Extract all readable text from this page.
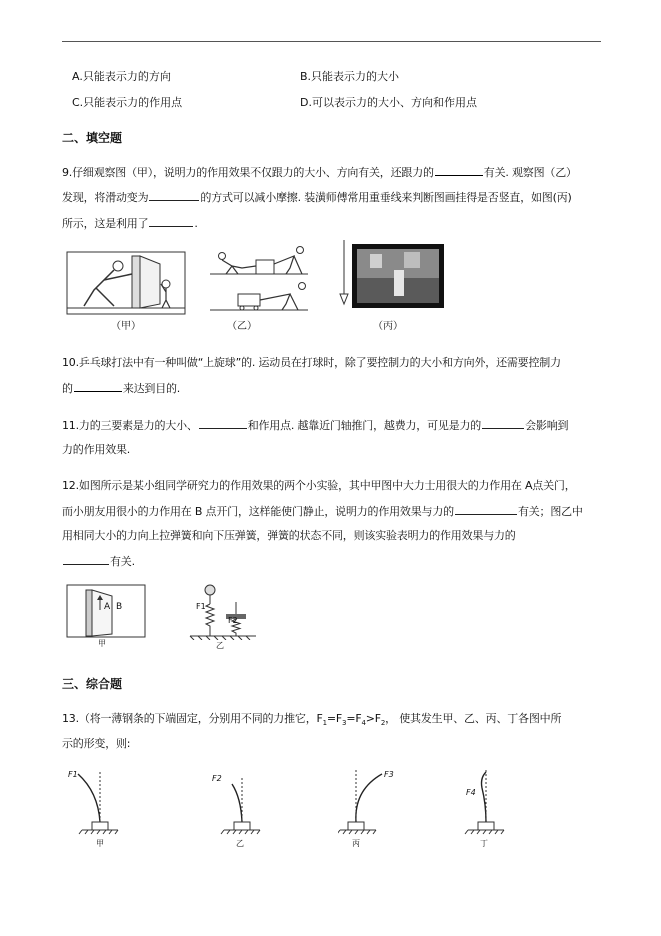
A.只能表示力的方向	B.只能表示力的大小
C.只能表示力的作用点	D.可以表示力的大小、方向和作用点
二、填空题
9.仔细观察图（甲），说明力的作用效果不仅跟力的大小、方向有关，还跟力的	有关. 观察图（乙）
发现，将滑动变为	的方式可以减小摩擦. 装潢师傅常用重垂线来判断图画挂得是否竖直，如图(丙)
所示，这是利用了	.
（甲）	（乙）	（丙）
10.乒乓球打法中有一种叫做“上旋球”的. 运动员在打球时，除了要控制力的大小和方向外，还需要控制力
的	来达到目的.
11.力的三要素是力的大小、	和作用点. 越靠近门轴推门，越费力，可见是力的	会影响到
力的作用效果.
12.如图所示是某小组同学研究力的作用效果的两个小实验，其中甲图中大力士用很大的力作用在 A点关门，
而小朋友用很小的力作用在 B 点开门，这样能使门静止，说明力的作用效果与力的	有关；图乙中
用相同大小的力向上拉弹簧和向下压弹簧，弹簧的状态不同，则该实验表明力的作用效果与力的
有关.
A B
甲
F1
F2
乙
三、综合题
13.（将一薄钢条的下端固定，分别用不同的力推它，$F_1=F_3=F_4>F_2$， 使其发生甲、乙、丙、丁各图中所
示的形变，则:
F1
甲
F2
乙
F3
丙
F4
丁
